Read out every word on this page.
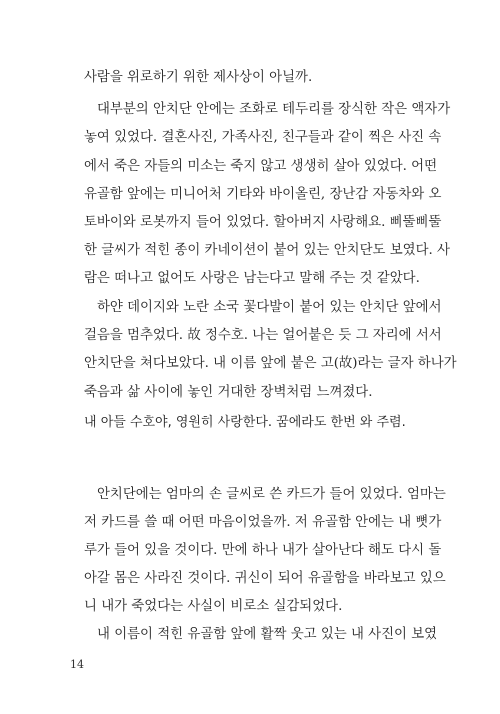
사람을 위로하기 위한 제사상이 아닐까.
대부분의 안치단 안에는 조화로 테두리를 장식한 작은 액자가
놓여 있었다. 결혼사진, 가족사진, 친구들과 같이 찍은 사진 속
에서 죽은 자들의 미소는 죽지 않고 생생히 살아 있었다. 어떤
유골함 앞에는 미니어처 기타와 바이올린, 장난감 자동차와 오
토바이와 로봇까지 들어 있었다. 할아버지 사랑해요. 삐뚤삐뚤
한 글씨가 적힌 종이 카네이션이 붙어 있는 안치단도 보였다. 사
람은 떠나고 없어도 사랑은 남는다고 말해 주는 것 같았다.
하얀 데이지와 노란 소국 꽃다발이 붙어 있는 안치단 앞에서
걸음을 멈추었다. 故 정수호. 나는 얼어붙은 듯 그 자리에 서서
안치단을 쳐다보았다. 내 이름 앞에 붙은 고(故)라는 글자 하나가
죽음과 삶 사이에 놓인 거대한 장벽처럼 느껴졌다.
내 아들 수호야, 영원히 사랑한다. 꿈에라도 한번 와 주렴.
안치단에는 엄마의 손 글씨로 쓴 카드가 들어 있었다. 엄마는
저 카드를 쓸 때 어떤 마음이었을까. 저 유골함 안에는 내 뼛가
루가 들어 있을 것이다. 만에 하나 내가 살아난다 해도 다시 돌
아갈 몸은 사라진 것이다. 귀신이 되어 유골함을 바라보고 있으
니 내가 죽었다는 사실이 비로소 실감되었다.
내 이름이 적힌 유골함 앞에 활짝 웃고 있는 내 사진이 보였
14
